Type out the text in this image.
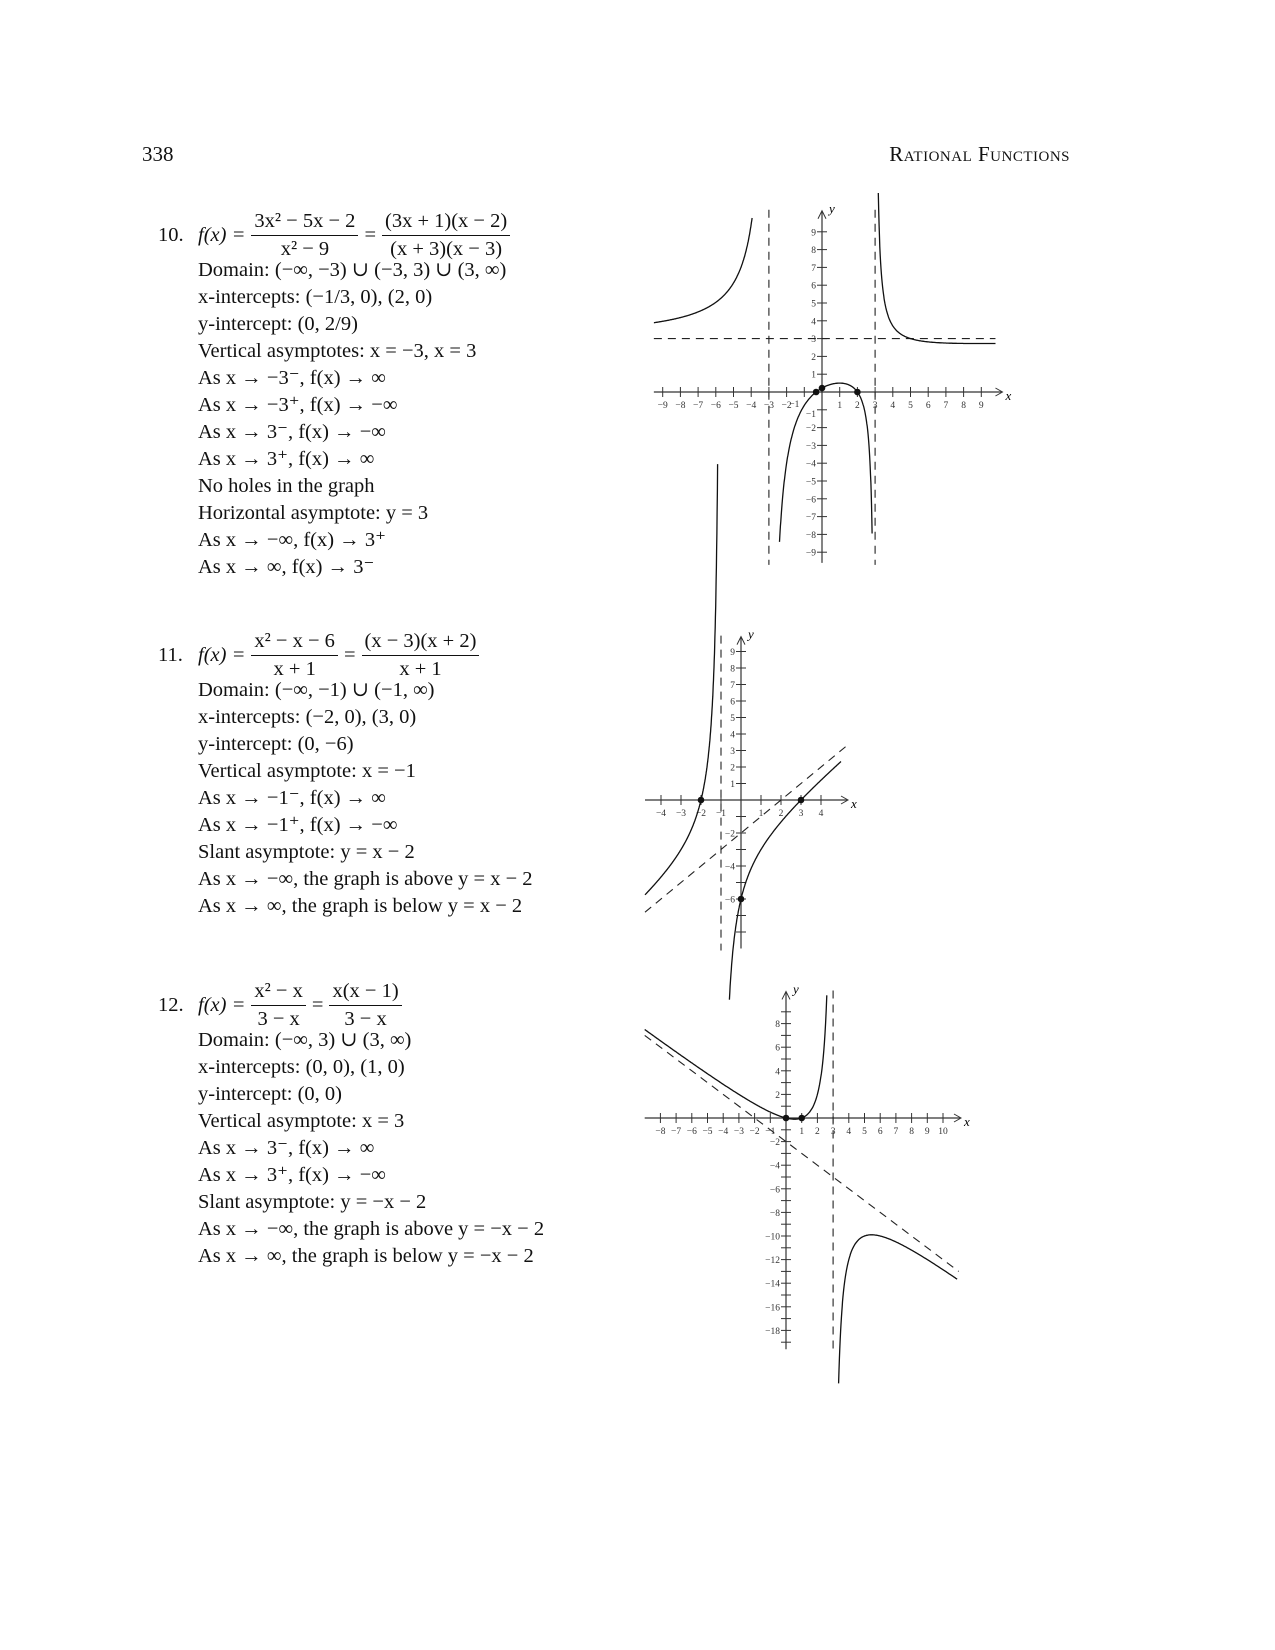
338	Rational Functions
10. $f(x) = \frac{\text{3x² − 5x − 2}}{\text{x² − 9}} = \frac{(3x + 1)(x - 2)}{(x + 3)(x - 3)}$
Domain: (−∞, −3) ∪ (−3, 3) ∪ (3, ∞)
x-intercepts: (−1/3, 0), (2, 0)
y-intercept: (0, 2/9)
Vertical asymptotes: x = −3, x = 3
As x → −3⁻, f(x) → ∞
As x → −3⁺, f(x) → −∞
As x → 3⁻, f(x) → −∞
As x → 3⁺, f(x) → ∞
No holes in the graph
Horizontal asymptote: y = 3
As x → −∞, f(x) → 3⁺
As x → ∞, f(x) → 3⁻
11. $f(x) = \frac{\text{x² − x − 6}}{x + 1} = \frac{(x - 3)(x + 2)}{x + 1}$
Domain: (−∞, −1) ∪ (−1, ∞)
x-intercepts: (−2, 0), (3, 0)
y-intercept: (0, −6)
Vertical asymptote: x = −1
As x → −1⁻, f(x) → ∞
As x → −1⁺, f(x) → −∞
Slant asymptote: y = x − 2
As x → −∞, the graph is above y = x − 2
As x → ∞, the graph is below y = x − 2
12. $f(x) = \frac{\text{x² − x}}{3 - x} = \frac{x(x - 1)}{3 - x}$
Domain: (−∞, 3) ∪ (3, ∞)
x-intercepts: (0, 0), (1, 0)
y-intercept: (0, 0)
Vertical asymptote: x = 3
As x → 3⁻, f(x) → ∞
As x → 3⁺, f(x) → −∞
Slant asymptote: y = −x − 2
As x → −∞, the graph is above y = −x − 2
As x → ∞, the graph is below y = −x − 2
x
y
−9 −8 −7 −6 −5 −4 −3 −2
−1	1 2 3 4 5 6 7 8 9
−9
−8
−7
−6
−5
−4
−3
−2
−1
1
2
3
4
5
6
7
8
9
x
y
−4 −3 −2 −1	1 2 3 4
−6
−4
−2
1
2
3
4
5
6
7
8
9
x
y
−8 −7 −6 −5 −4 −3 −2 −1	1 2 3 4 5 6 7 8 9 10
−18
−16
−14
−12
−10
−8
−6
−4
−2
2
4
6
8
